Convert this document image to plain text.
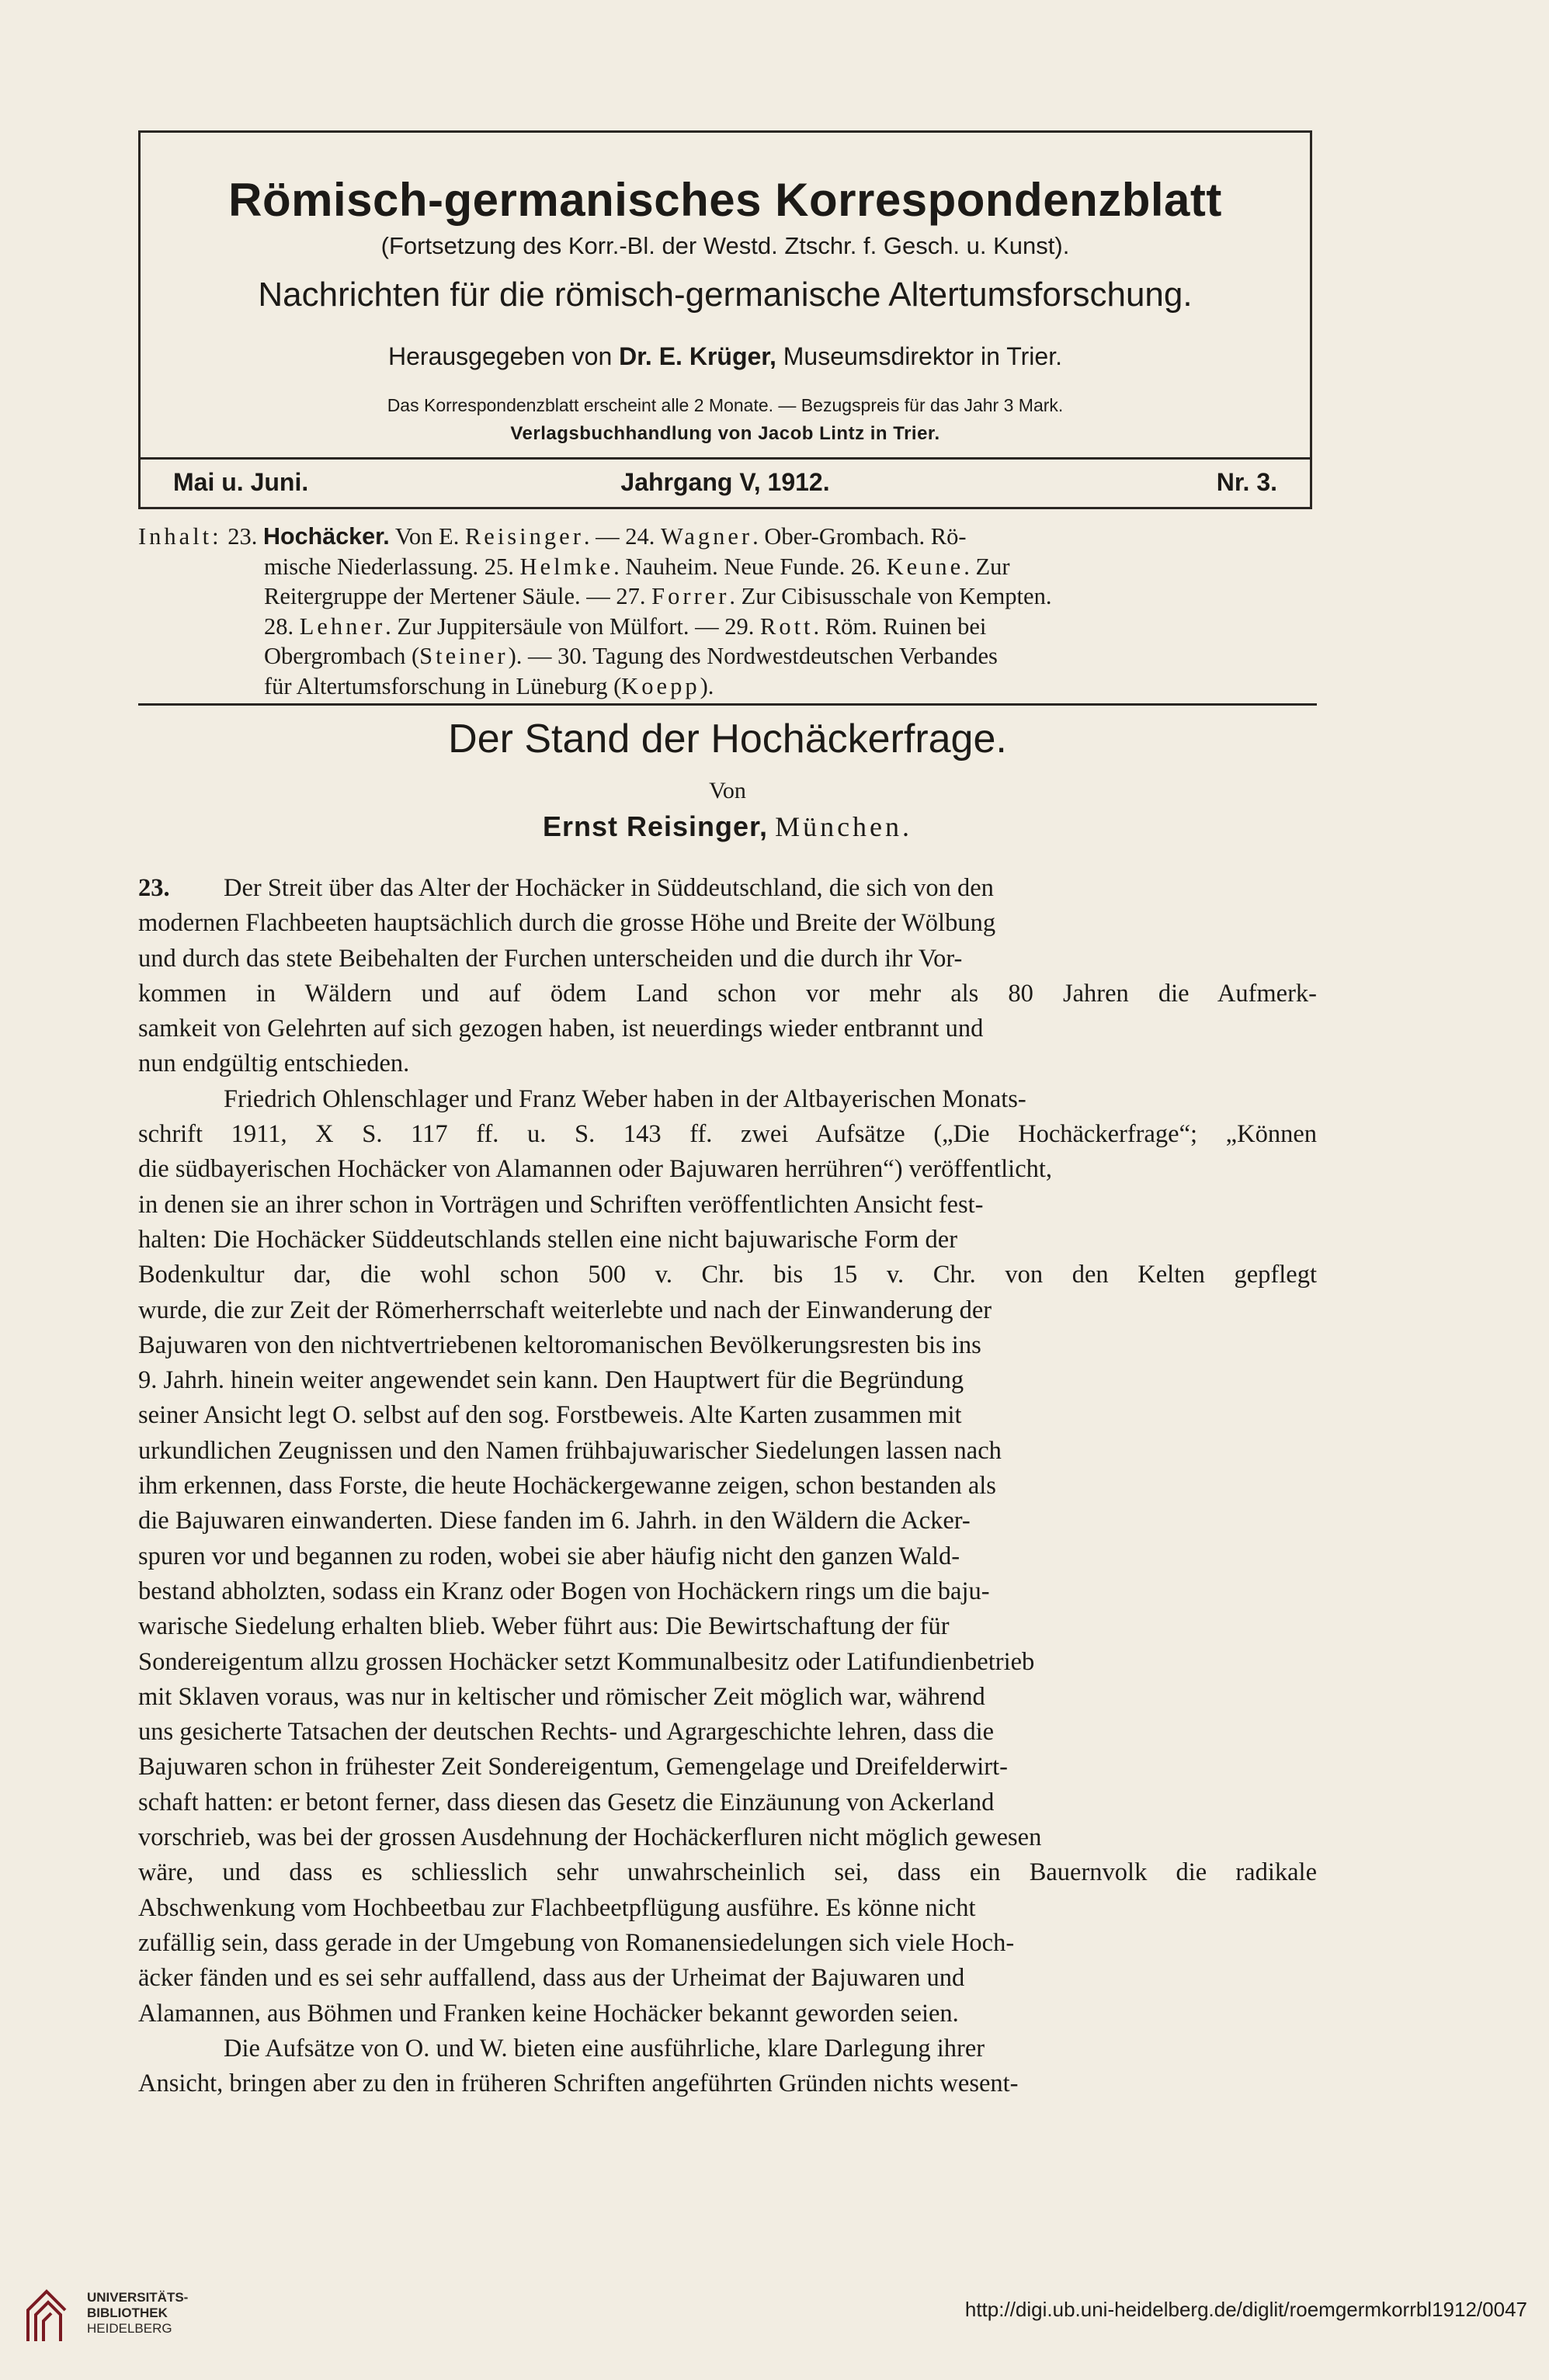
Römisch-germanisches Korrespondenzblatt
(Fortsetzung des Korr.-Bl. der Westd. Ztschr. f. Gesch. u. Kunst).
Nachrichten für die römisch-germanische Altertumsforschung.
Herausgegeben von Dr. E. Krüger, Museumsdirektor in Trier.
Das Korrespondenzblatt erscheint alle 2 Monate. — Bezugspreis für das Jahr 3 Mark.
Verlagsbuchhandlung von Jacob Lintz in Trier.
Mai u. Juni.	Jahrgang V, 1912.	Nr. 3.
Inhalt: 23. Hochäcker. Von E. Reisinger. — 24. Wagner. Ober-Grombach. Rö-
mische Niederlassung. 25. Helmke. Nauheim. Neue Funde. 26. Keune. Zur
Reitergruppe der Mertener Säule. — 27. Forrer. Zur Cibisusschale von Kempten.
28. Lehner. Zur Juppitersäule von Mülfort. — 29. Rott. Röm. Ruinen bei
Obergrombach (Steiner). — 30. Tagung des Nordwestdeutschen Verbandes
für Altertumsforschung in Lüneburg (Koepp).
Der Stand der Hochäckerfrage.
Von
Ernst Reisinger, München.
23. Der Streit über das Alter der Hochäcker in Süddeutschland, die sich von den
modernen Flachbeeten hauptsächlich durch die grosse Höhe und Breite der Wölbung
und durch das stete Beibehalten der Furchen unterscheiden und die durch ihr Vor-
kommen in Wäldern und auf ödem Land schon vor mehr als 80 Jahren die Aufmerk-
samkeit von Gelehrten auf sich gezogen haben, ist neuerdings wieder entbrannt und
nun endgültig entschieden.
Friedrich Ohlenschlager und Franz Weber haben in der Altbayerischen Monats-
schrift 1911, X S. 117 ff. u. S. 143 ff. zwei Aufsätze („Die Hochäckerfrage“; „Können
die südbayerischen Hochäcker von Alamannen oder Bajuwaren herrühren“) veröffentlicht,
in denen sie an ihrer schon in Vorträgen und Schriften veröffentlichten Ansicht fest-
halten: Die Hochäcker Süddeutschlands stellen eine nicht bajuwarische Form der
Bodenkultur dar, die wohl schon 500 v. Chr. bis 15 v. Chr. von den Kelten gepflegt
wurde, die zur Zeit der Römerherrschaft weiterlebte und nach der Einwanderung der
Bajuwaren von den nichtvertriebenen keltoromanischen Bevölkerungsresten bis ins
9. Jahrh. hinein weiter angewendet sein kann. Den Hauptwert für die Begründung
seiner Ansicht legt O. selbst auf den sog. Forstbeweis. Alte Karten zusammen mit
urkundlichen Zeugnissen und den Namen frühbajuwarischer Siedelungen lassen nach
ihm erkennen, dass Forste, die heute Hochäckergewanne zeigen, schon bestanden als
die Bajuwaren einwanderten. Diese fanden im 6. Jahrh. in den Wäldern die Acker-
spuren vor und begannen zu roden, wobei sie aber häufig nicht den ganzen Wald-
bestand abholzten, sodass ein Kranz oder Bogen von Hochäckern rings um die baju-
warische Siedelung erhalten blieb. Weber führt aus: Die Bewirtschaftung der für
Sondereigentum allzu grossen Hochäcker setzt Kommunalbesitz oder Latifundienbetrieb
mit Sklaven voraus, was nur in keltischer und römischer Zeit möglich war, während
uns gesicherte Tatsachen der deutschen Rechts- und Agrargeschichte lehren, dass die
Bajuwaren schon in frühester Zeit Sondereigentum, Gemengelage und Dreifelderwirt-
schaft hatten: er betont ferner, dass diesen das Gesetz die Einzäunung von Ackerland
vorschrieb, was bei der grossen Ausdehnung der Hochäckerfluren nicht möglich gewesen
wäre, und dass es schliesslich sehr unwahrscheinlich sei, dass ein Bauernvolk die radikale
Abschwenkung vom Hochbeetbau zur Flachbeetpflügung ausführe. Es könne nicht
zufällig sein, dass gerade in der Umgebung von Romanensiedelungen sich viele Hoch-
äcker fänden und es sei sehr auffallend, dass aus der Urheimat der Bajuwaren und
Alamannen, aus Böhmen und Franken keine Hochäcker bekannt geworden seien.
Die Aufsätze von O. und W. bieten eine ausführliche, klare Darlegung ihrer
Ansicht, bringen aber zu den in früheren Schriften angeführten Gründen nichts wesent-
UNIVERSITÄTS-
BIBLIOTHEK
HEIDELBERG
http://digi.ub.uni-heidelberg.de/diglit/roemgermkorrbl1912/0047
